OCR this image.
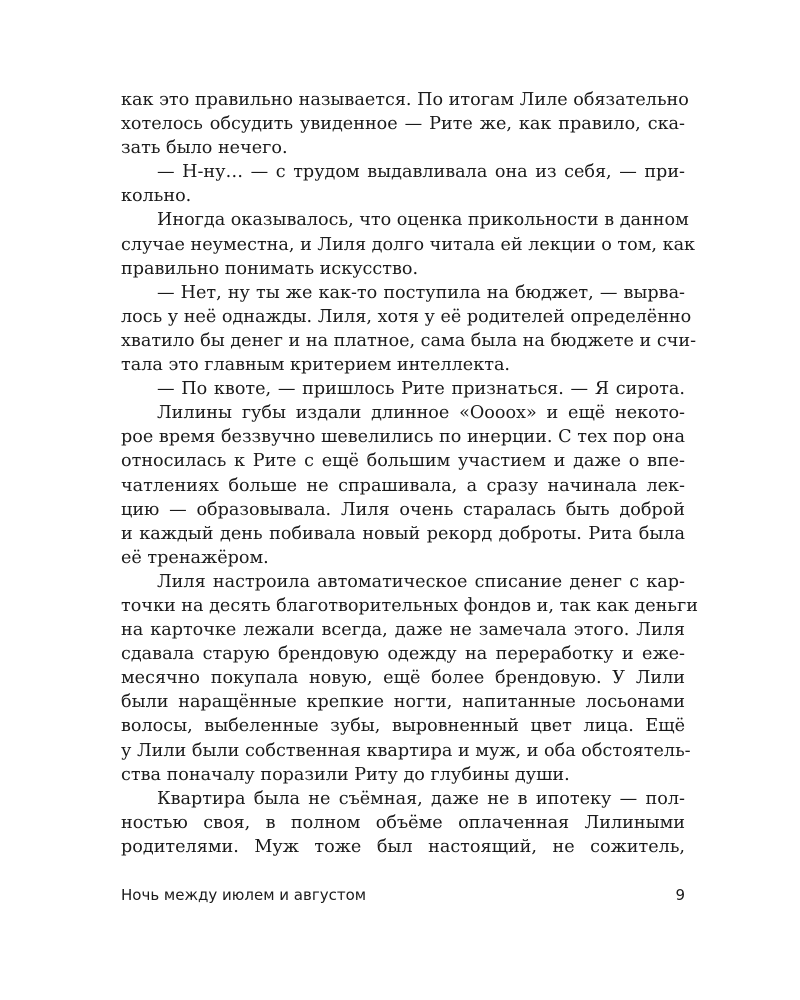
как это правильно называется. По итогам Лиле обязательно
хотелось обсудить увиденное — Рите же, как правило, ска-
зать было нечего.
— Н-ну… — с трудом выдавливала она из себя, — при-
кольно.
Иногда оказывалось, что оценка прикольности в данном
случае неуместна, и Лиля долго читала ей лекции о том, как
правильно понимать искусство.
— Нет, ну ты же как-то поступила на бюджет, — вырва-
лось у неё однажды. Лиля, хотя у её родителей определённо
хватило бы денег и на платное, сама была на бюджете и счи-
тала это главным критерием интеллекта.
— По квоте, — пришлось Рите признаться. — Я сирота.
Лилины губы издали длинное «Оооох» и ещё некото-
рое время беззвучно шевелились по инерции. С тех пор она
относилась к Рите с ещё большим участием и даже о впе-
чатлениях больше не спрашивала, а сразу начинала лек-
цию — образовывала. Лиля очень старалась быть доброй
и каждый день побивала новый рекорд доброты. Рита была
её тренажёром.
Лиля настроила автоматическое списание денег с кар-
точки на десять благотворительных фондов и, так как деньги
на карточке лежали всегда, даже не замечала этого. Лиля
сдавала старую брендовую одежду на переработку и еже-
месячно покупала новую, ещё более брендовую. У Лили
были наращённые крепкие ногти, напитанные лосьонами
волосы, выбеленные зубы, выровненный цвет лица. Ещё
у Лили были собственная квартира и муж, и оба обстоятель-
ства поначалу поразили Риту до глубины души.
Квартира была не съёмная, даже не в ипотеку — пол-
ностью своя, в полном объёме оплаченная Лилиными
родителями. Муж тоже был настоящий, не сожитель,
Ночь между июлем и августом	9
